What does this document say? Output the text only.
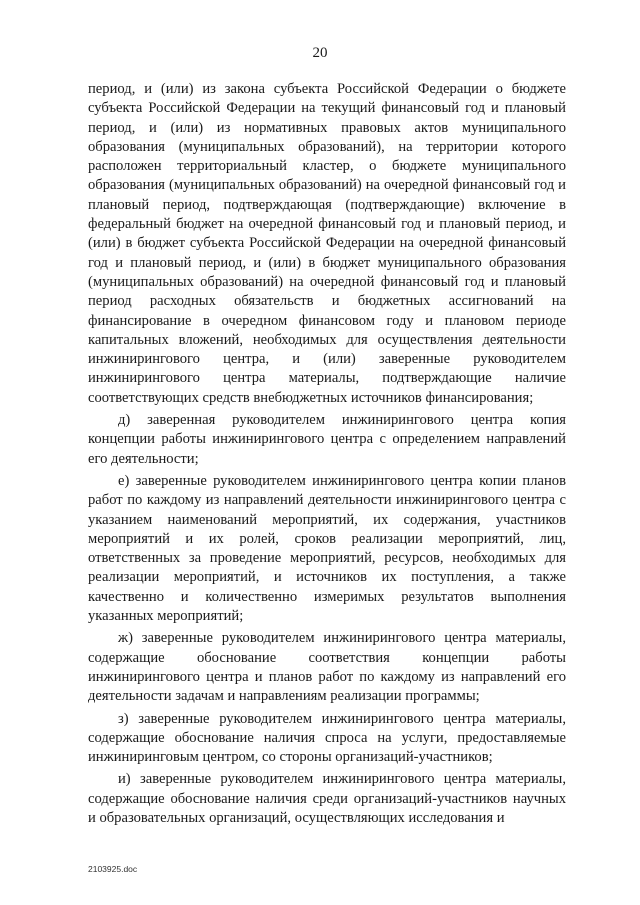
20

период, и (или) из закона субъекта Российской Федерации о бюджете субъекта Российской Федерации на текущий финансовый год и плановый период, и (или) из нормативных правовых актов муниципального образования (муниципальных образований), на территории которого расположен территориальный кластер, о бюджете муниципального образования (муниципальных образований) на очередной финансовый год и плановый период, подтверждающая (подтверждающие) включение в федеральный бюджет на очередной финансовый год и плановый период, и (или) в бюджет субъекта Российской Федерации на очередной финансовый год и плановый период, и (или) в бюджет муниципального образования (муниципальных образований) на очередной финансовый год и плановый период расходных обязательств и бюджетных ассигнований на финансирование в очередном финансовом году и плановом периоде капитальных вложений, необходимых для осуществления деятельности инжинирингового центра, и (или) заверенные руководителем инжинирингового центра материалы, подтверждающие наличие соответствующих средств внебюджетных источников финансирования;

д) заверенная руководителем инжинирингового центра копия концепции работы инжинирингового центра с определением направлений его деятельности;

е) заверенные руководителем инжинирингового центра копии планов работ по каждому из направлений деятельности инжинирингового центра с указанием наименований мероприятий, их содержания, участников мероприятий и их ролей, сроков реализации мероприятий, лиц, ответственных за проведение мероприятий, ресурсов, необходимых для реализации мероприятий, и источников их поступления, а также качественно и количественно измеримых результатов выполнения указанных мероприятий;

ж) заверенные руководителем инжинирингового центра материалы, содержащие обоснование соответствия концепции работы инжинирингового центра и планов работ по каждому из направлений его деятельности задачам и направлениям реализации программы;

з) заверенные руководителем инжинирингового центра материалы, содержащие обоснование наличия спроса на услуги, предоставляемые инжиниринговым центром, со стороны организаций-участников;

и) заверенные руководителем инжинирингового центра материалы, содержащие обоснование наличия среди организаций-участников научных и образовательных организаций, осуществляющих исследования и

2103925.doc
